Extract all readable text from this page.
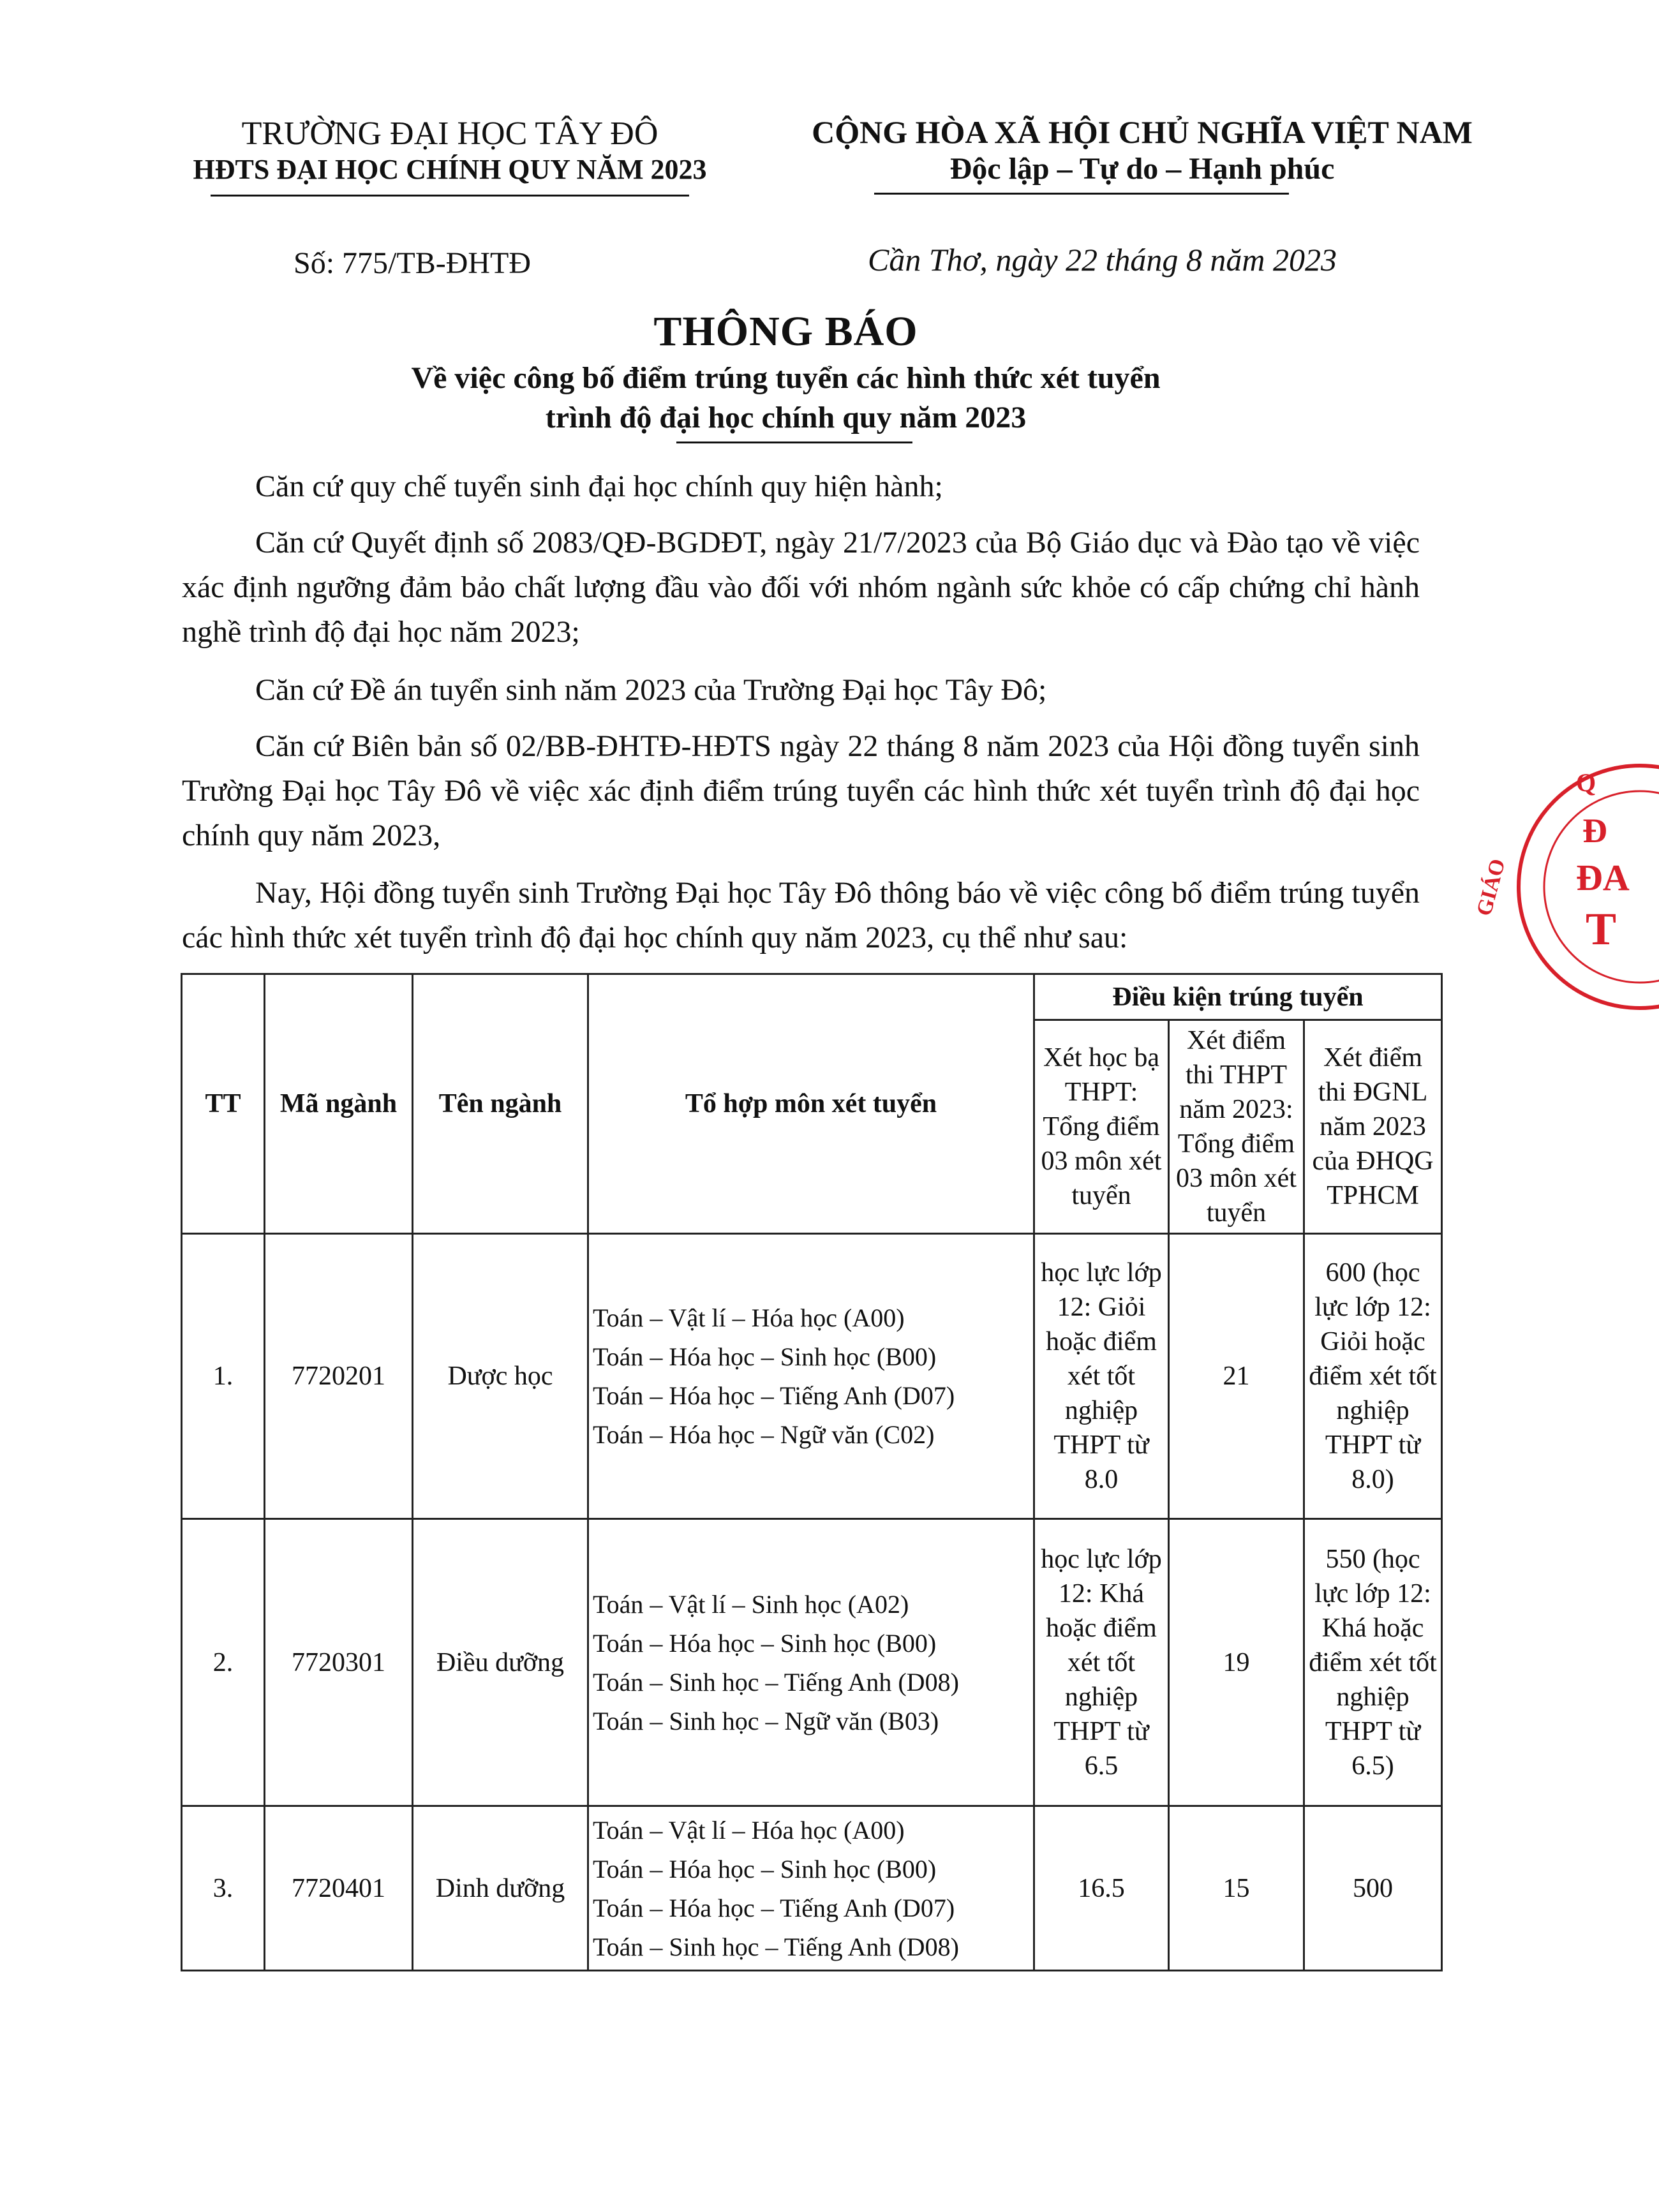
TRƯỜNG ĐẠI HỌC TÂY ĐÔ
HĐTS ĐẠI HỌC CHÍNH QUY NĂM 2023
CỘNG HÒA XÃ HỘI CHỦ NGHĨA VIỆT NAM
Độc lập – Tự do – Hạnh phúc
Số: 775/TB-ĐHTĐ	Cần Thơ, ngày 22 tháng 8 năm 2023
THÔNG BÁO
Về việc công bố điểm trúng tuyển các hình thức xét tuyển
trình độ đại học chính quy năm 2023
Căn cứ quy chế tuyển sinh đại học chính quy hiện hành;
Căn cứ Quyết định số 2083/QĐ-BGDĐT, ngày 21/7/2023 của Bộ Giáo dục và Đào tạo về việc xác định ngưỡng đảm bảo chất lượng đầu vào đối với nhóm ngành sức khỏe có cấp chứng chỉ hành nghề trình độ đại học năm 2023;
Căn cứ Đề án tuyển sinh năm 2023 của Trường Đại học Tây Đô;
Căn cứ Biên bản số 02/BB-ĐHTĐ-HĐTS ngày 22 tháng 8 năm 2023 của Hội đồng tuyển sinh Trường Đại học Tây Đô về việc xác định điểm trúng tuyển các hình thức xét tuyển trình độ đại học chính quy năm 2023,
Nay, Hội đồng tuyển sinh Trường Đại học Tây Đô thông báo về việc công bố điểm trúng tuyển các hình thức xét tuyển trình độ đại học chính quy năm 2023, cụ thể như sau:
TT	Mã ngành	Tên ngành	Tổ hợp môn xét tuyển	Điều kiện trúng tuyển		
				Xét học bạ THPT: Tổng điểm 03 môn xét tuyển	Xét điểm thi THPT năm 2023: Tổng điểm 03 môn xét tuyển	Xét điểm thi ĐGNL năm 2023 của ĐHQG TPHCM
1.	7720201	Dược học	Toán – Vật lí – Hóa học (A00)
Toán – Hóa học – Sinh học (B00)
Toán – Hóa học – Tiếng Anh (D07)
Toán – Hóa học – Ngữ văn (C02)	học lực lớp 12: Giỏi hoặc điểm xét tốt nghiệp THPT từ 8.0	21	600 (học lực lớp 12: Giỏi hoặc điểm xét tốt nghiệp THPT từ 8.0)
2.	7720301	Điều dưỡng	Toán – Vật lí – Sinh học (A02)
Toán – Hóa học – Sinh học (B00)
Toán – Sinh học – Tiếng Anh (D08)
Toán – Sinh học – Ngữ văn (B03)	học lực lớp 12: Khá hoặc điểm xét tốt nghiệp THPT từ 6.5	19	550 (học lực lớp 12: Khá hoặc điểm xét tốt nghiệp THPT từ 6.5)
3.	7720401	Dinh dưỡng	Toán – Vật lí – Hóa học (A00)
Toán – Hóa học – Sinh học (B00)
Toán – Hóa học – Tiếng Anh (D07)
Toán – Sinh học – Tiếng Anh (D08)	16.5	15	500
GIÁO
Đ
ĐA
T
Q
